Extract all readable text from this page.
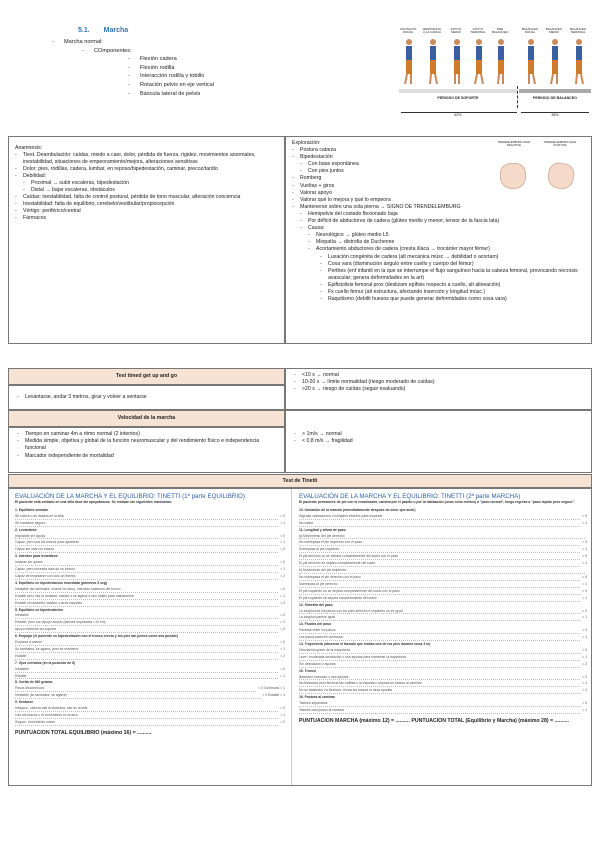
5.1. Marcha
- Marcha normal:
- COmponentes:
- Flexión cadera
- Flexión rodilla
- Interacción rodilla y tobillo
- Rotación pelvis en eje vertical
- Báscula lateral de pelvis
CONTACTO INICIAL
RESPUESTA A LA CARGA
APOYO MEDIO
APOYO TERMINAL
PRE BALANCEO
BALANCEO INICIAL
BALANCEO MEDIO
BALANCEO TERMINAL
PERIODO DE SOPORTE	PERIODO DE BALANCEO
62%	38%
Anamnesis:
-	Tiest. Deambulación: caídas, miedo a caer, dolor, pérdida de fuerza, rigidez, movimientos anormales, inestabilidad, situaciones de empeoramiento/mejora, alteraciones sensitivas
-	Dolor: pies, rodillas, cadera, lumbar, en reposo/bipedestación, caminar, precoz/tardío
-	Debilidad:
-	Proximal → subir escaleras, bipedestación
-	Distal → bajar escaleras, obstáculos
-	Caídas: inestabilidad, falta de control postural, pérdida de tono muscular, alteración conciencia
-	Inestabilidad: falta de equilibrio, cerebelo/vestibular/propiocepción
-	Vértigo: periférico/central
-	Fármacos
Exploración:
-	Postura cabeza
-	Bipedestación
-	Con base espontánea
-	Con pies juntos
-	Romberg
-	Vueltas + giros
-	Valorar apoyo
-	Valorar qué lo mejora y qué lo empeora
-	Mantenerse sobre una sola pierna → SIGNO DE TRENDELEMBURG
-	Hemipelvis del costado flexionado baja
-	Por déficit de abductores de cadera (glúteo medio y menor, tensor de la fascia lata)
-	Causa:
-	Neurológico → glúteo medio L5
-	Miopatía → distrofia de Duchenne
-	Acortamiento abductores de cadera (cresta ilíaca → trocánter mayor fémur)
-	Luxación congénita de cadera (alt mecánica músc → debilidad o acortam)
-	Coxa vara (disminución ángulo entre cuello y cuerpo del fémur)
-	Perthes (enf infantil en la que se interrumpe el flujo sanguíneo hacia la cabeza femoral, provocando necrosis avascular; genera deformidades en la art)
-	Epifisiolisis femoral prox (deslizam epífisis respecto a cuello, alt alineación)
-	Fx cuello fémur (alt estructura, afectando inserción y longitud músc.)
-	Raquitismo (debilit huesos que puede generar deformidades como coxa vara)
TRENDELENBURG SIGN NEGATIVE
TRENDELENBURG SIGN POSITIVE
Test timed get up and go
-	Levantarse, andar 3 metros, girar y volver a sentarse
-	<10 s → normal
-	10-20 s → límite normalidad (riesgo moderado de caídas)
-	>20 s → riesgo de caídas (seguir evaluando)
Velocidad de la marcha
-	Tiempo en caminar 4m a ritmo normal (2 intentos)
-	Medida simple, objetiva y global de la función neuromuscular y del rendimiento físico e independencia funcional
-	Marcador independiente de mortalidad
-	> 1m/s → normal
-	< 0,8 m/s → fragilidad
Test de Tinetti
EVALUACIÓN DE LA MARCHA Y EL EQUILIBRIO: TINETTI (1ª parte EQUILIBRIO)
El paciente está sentado en una silla dura sin apoyabrazos. Se realizan las siguientes maniobras:
1. Equilibrio sentado
Se inclina o se desliza en la silla	= 0
Se mantiene seguro	= 1
2. Levantarse
Imposible sin ayuda	= 0
Capaz, pero usa los brazos para ayudarse	= 1
Capaz sin usar los brazos	= 2
3. Intentos para levantarse
Incapaz sin ayuda	= 0
Capaz, pero necesita más de un intento	= 1
Capaz de levantarse con sólo un intento	= 2
4. Equilibrio en bipedestación inmediata (primeros 5 seg)
Inestable (se tambalea, mueve los pies), marcado balanceo del tronco	= 0
Estable pero usa el andador, bastón o se agarra a otro objeto para mantenerse	= 1
Estable sin andador, bastón u otros soportes	= 2
5. Equilibrio en bipedestación
Inestable	= 0
Estable, pero con apoyo amplio (talones separados >10 cm)	= 1
Apoyo estrecho sin soporte	= 2
6. Empujar (el paciente en bipedestación con el tronco erecto y los pies tan juntos como sea posible)
Empieza a caerse	= 0
Se tambalea, se agarra, pero se mantiene	= 1
Estable	= 2
7. Ojos cerrados (en la posición de 6)
Inestable	= 0
Estable	= 1
8. Vuelta de 360 grados
Pasos discontinuos	= 0 Continuos = 1
Inestable (se tambalea, se agarra)	= 0 Estable = 1
9. Sentarse
Inseguro, calcula mal la distancia, cae en la silla	= 0
Usa los brazos o el movimiento es brusco	= 1
Seguro, movimiento suave	= 2
PUNTUACION TOTAL EQUILIBRIO (máximo 16) = ..........
EVALUACIÓN DE LA MARCHA Y EL EQUILIBRIO: TINETTI (2ª parte MARCHA)
El paciente permanece de pie con el examinador, camina por el pasillo o por la habitación (unos ocho metros) a "paso normal", luego regresa a "paso rápido pero seguro".
10. Iniciación de la marcha (inmediatamente después de decir que ande)
Algunas vacilaciones o múltiples intentos para empezar	= 0
No vacila	= 1
11. Longitud y altura de paso
a) Movimiento del pie derecho:
No sobrepasa el pie izquierdo con el paso	= 0
Sobrepasa al pie izquierdo	= 1
El pie derecho no se separa completamente del suelo con el paso	= 0
El pie derecho se separa completamente del suelo	= 1
b) Movimiento del pie izquierdo:
No sobrepasa el pie derecho con el paso	= 0
Sobrepasa al pie derecho	= 1
El pie izquierdo no se separa completamente del suelo con el paso	= 0
El pie izquierdo se separa completamente del suelo	= 1
12. Simetría del paso
La longitud de los pasos con los pies derecho e izquierdo no es igual	= 0
La longitud parece igual	= 1
13. Fluidez del paso
Paradas entre los pasos	= 0
Los pasos parecen continuos	= 1
14. Trayectoria (observar el trazado que realiza uno de los pies durante unos 3 m)
Desviación grave de la trayectoria	= 0
Leve / moderada desviación o usa ayudas para mantener la trayectoria	= 1
Sin desviación o ayudas	= 2
15. Tronco
Balanceo marcado o usa ayudas	= 0
No balancea pero flexiona las rodillas o la espalda o separa los brazos al caminar	= 1
No se balancea, no flexiona, ni usa los brazos ni otras ayudas	= 2
16. Postura al caminar
Talones separados	= 0
Talones casi juntos al caminar	= 1
PUNTUACION MARCHA (máximo 12) = .......... PUNTUACION TOTAL (Equilibrio y Marcha) (máximo 28) = ..........
